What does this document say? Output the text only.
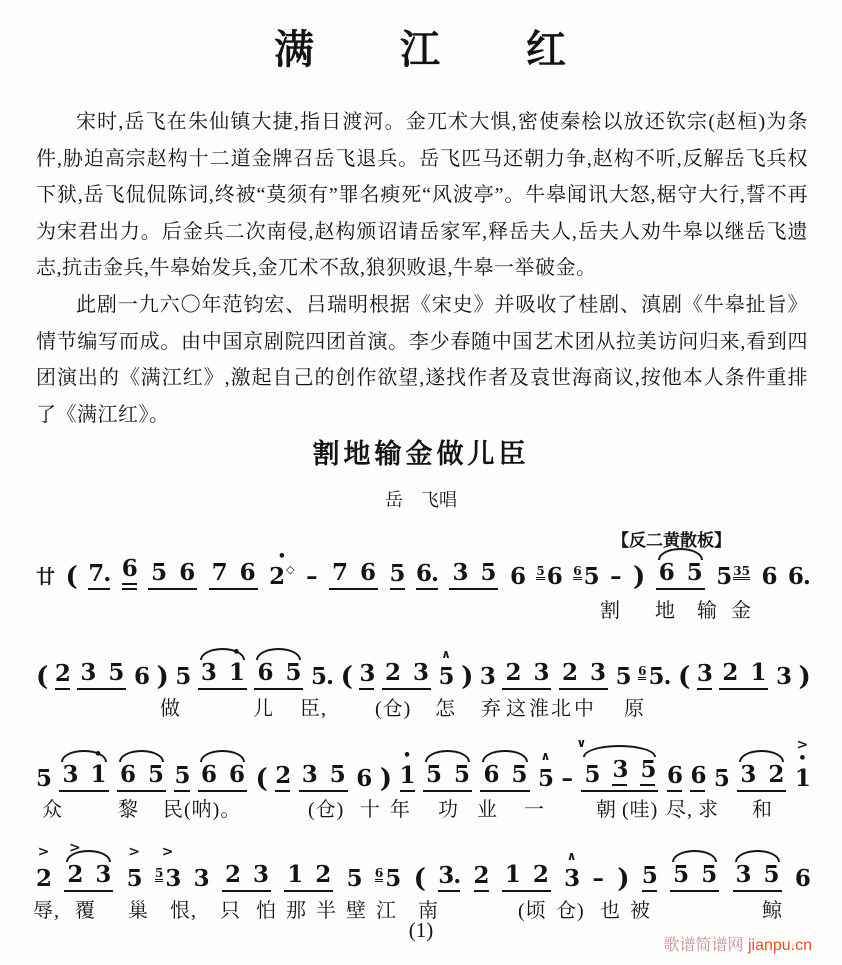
满　　江　　红

宋时,岳飞在朱仙镇大捷,指日渡河。金兀术大惧,密使秦桧以放还钦宗(赵桓)为条件,胁迫高宗赵构十二道金牌召岳飞退兵。岳飞匹马还朝力争,赵构不听,反解岳飞兵权下狱,岳飞侃侃陈词,终被“莫须有”罪名瘐死“风波亭”。牛皋闻讯大怒,椐守大行,誓不再为宋君出力。后金兵二次南侵,赵构颁诏请岳家军,释岳夫人,岳夫人劝牛皋以继岳飞遗志,抗击金兵,牛皋始发兵,金兀术不敌,狼狈败退,牛皋一举破金。

此剧一九六〇年范钧宏、吕瑞明根据《宋史》并吸收了桂剧、滇剧《牛皋扯旨》情节编写而成。由中国京剧院四团首演。李少春随中国艺术团从拉美访问归来,看到四团演出的《满江红》,激起自己的创作欲望,遂找作者及袁世海商议,按他本人条件重排了《满江红》。

割地输金做儿臣
岳　飞唱
【反二黄散板】
廿 ( 7. 6 5 6 7 6 2
•
◇ – 7 6 5 6. 3 5 6 5 6 6 5 – ) 6 5 5 35 6 6.
割 地 输 金
( 2 3 5 6 ) 5 3 1
•
6 5 5. ( 3 2 3 5
∧
) 3 2 3 2 3 5 6 5. ( 3 2 1 3 )
做	儿 臣, (仓) 怎 弃 这 淮 北 中 原
5 3 1
•
6 5 5 6 6 ( 2 3 5 6 ) 1
•
5 5 6 5 5
∧
–
∨
5 3 5 6 6 5 3 2 1
•
>
众	黎 民(呐)。	(仓) 十 年 功 业 一	朝 (哇) 尽, 求 和
2
>
2
>
3 5
>
5 3
>
3 2 3 1 2 5 6 5 ( 3. 2 1 2 3
∧
– ) 5 5 5 3 5 6
辱, 覆 巢 恨, 只 怕 那 半 壁 江 南	(顷 仓) 也 被	鲸
(1)
歌谱简谱网 jianpu.cn
